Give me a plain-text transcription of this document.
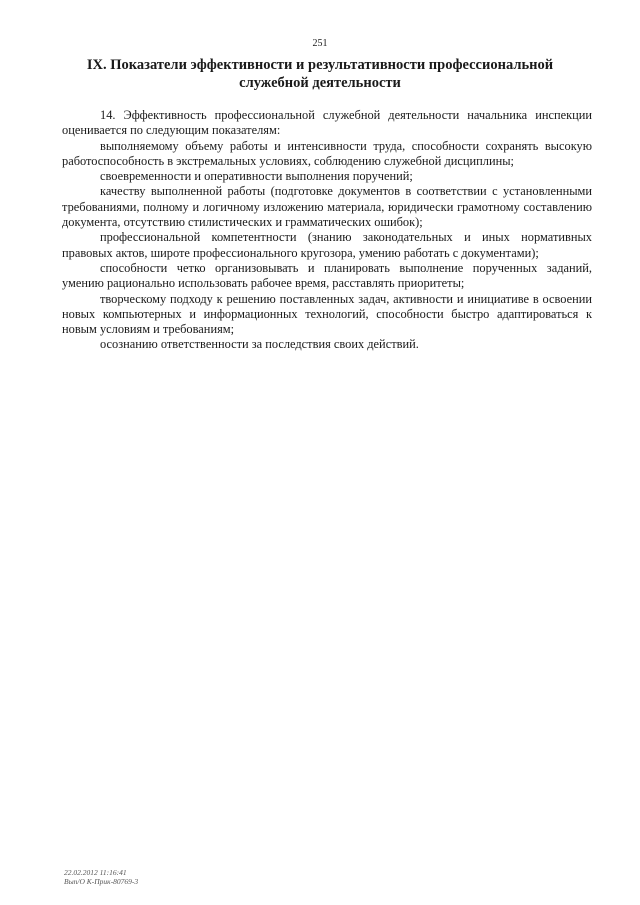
251
IX. Показатели эффективности и результативности профессиональной
служебной деятельности

14. Эффективность профессиональной служебной деятельности начальника инспекции оценивается по следующим показателям:

выполняемому объему работы и интенсивности труда, способности сохранять высокую работоспособность в экстремальных условиях, соблюдению служебной дисциплины;

своевременности и оперативности выполнения поручений;

качеству выполненной работы (подготовке документов в соответствии с установленными требованиями, полному и логичному изложению материала, юридически грамотному составлению документа, отсутствию стилистических и грамматических ошибок);

профессиональной компетентности (знанию законодательных и иных нормативных правовых актов, широте профессионального кругозора, умению работать с документами);

способности четко организовывать и планировать выполнение порученных заданий, умению рационально использовать рабочее время, расставлять приоритеты;

творческому подходу к решению поставленных задач, активности и инициативе в освоении новых компьютерных и информационных технологий, способности быстро адаптироваться к новым условиям и требованиям;

осознанию ответственности за последствия своих действий.

22.02.2012 11:16:41
Вып/О К-Прик-80769-3
